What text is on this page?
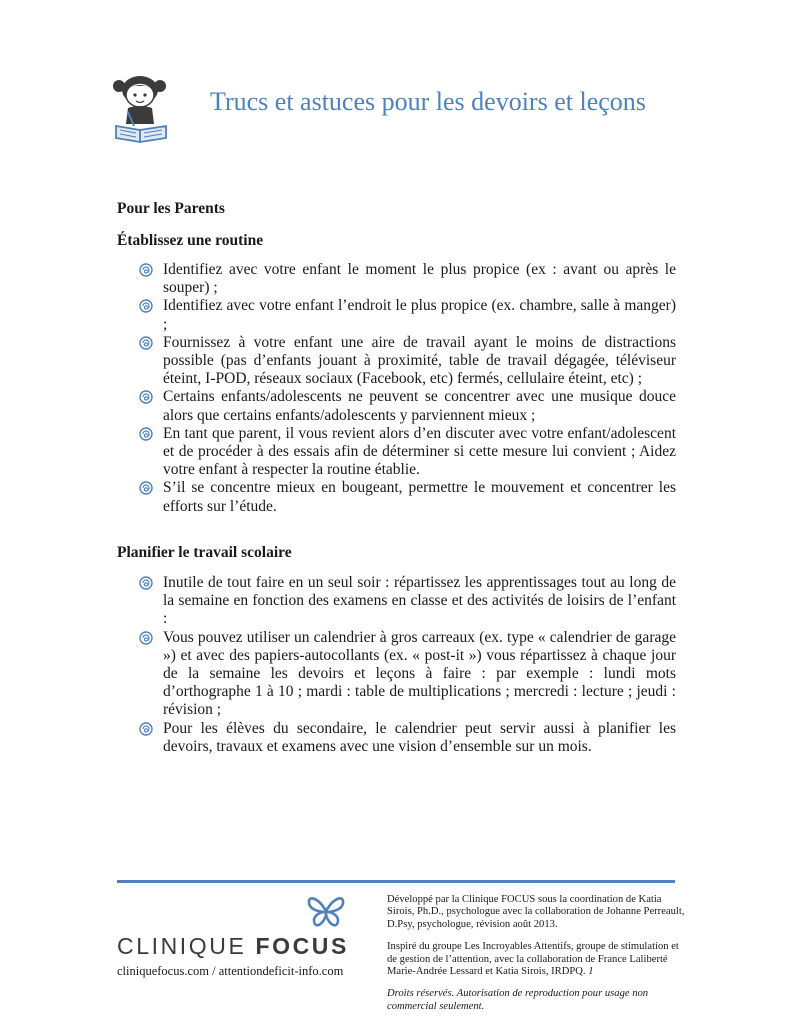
Trucs et astuces pour les devoirs et leçons

Pour les Parents

Établissez une routine

Identifiez avec votre enfant le moment le plus propice (ex : avant ou après le souper) ;
Identifiez avec votre enfant l’endroit le plus propice (ex. chambre, salle à manger) ;
Fournissez à votre enfant une aire de travail ayant le moins de distractions possible (pas d’enfants jouant à proximité, table de travail dégagée, téléviseur éteint, I-POD, réseaux sociaux (Facebook, etc) fermés, cellulaire éteint, etc) ;
Certains enfants/adolescents ne peuvent se concentrer avec une musique douce alors que certains enfants/adolescents y parviennent mieux ;
En tant que parent, il vous revient alors d’en discuter avec votre enfant/adolescent et de procéder à des essais afin de déterminer si cette mesure lui convient ; Aidez votre enfant à respecter la routine établie.
S’il se concentre mieux en bougeant, permettre le mouvement et concentrer les efforts sur l’étude.

Planifier le travail scolaire

Inutile de tout faire en un seul soir : répartissez les apprentissages tout au long de la semaine en fonction des examens en classe et des activités de loisirs de l’enfant :
Vous pouvez utiliser un calendrier à gros carreaux (ex. type « calendrier de garage ») et avec des papiers-autocollants (ex. « post-it ») vous répartissez à chaque jour de la semaine les devoirs et leçons à faire : par exemple : lundi mots d’orthographe 1 à 10 ; mardi : table de multiplications ; mercredi : lecture ; jeudi : révision ;
Pour les élèves du secondaire, le calendrier peut servir aussi à planifier les devoirs, travaux et examens avec une vision d’ensemble sur un mois.
CLINIQUE FOCUS
cliniquefocus.com / attentiondeficit-info.com

Développé par la Clinique FOCUS sous la coordination de Katia Sirois, Ph.D., psychologue avec la collaboration de Johanne Perreault, D.Psy, psychologue, révision août 2013.

Inspiré du groupe Les Incroyables Attentifs, groupe de stimulation et de gestion de l’attention, avec la collaboration de France Laliberté Marie-Andrée Lessard et Katia Sirois, IRDPQ. 1

Droits réservés. Autorisation de reproduction pour usage non commercial seulement.
